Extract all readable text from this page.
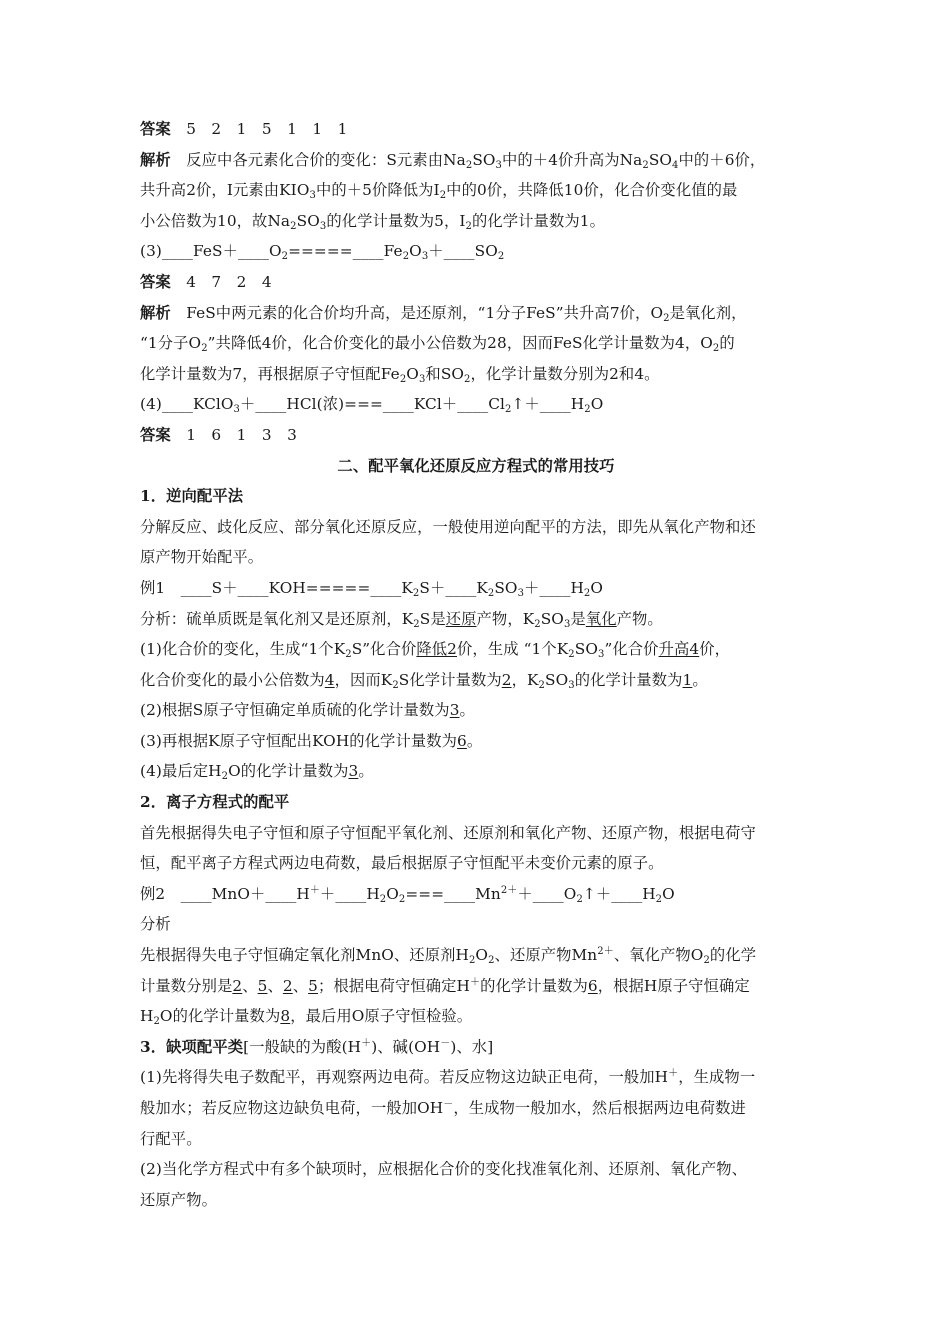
答案　5　2　1　5　1　1　1
解析　反应中各元素化合价的变化：S元素由$Na_2SO_3$中的＋4价升高为$Na_2SO_4$中的＋6价，
共升高2价，I元素由$KIO_3$中的＋5价降低为$I_2$中的0价，共降低10价，化合价变化值的最
小公倍数为10，故$Na_2SO_3$的化学计量数为5，$I_2$的化学计量数为1。
$(3)\_\_\_\_FeS+\_\_\_\_O_2=====\_\_\_\_Fe_2O_3+\_\_\_\_SO_2$
答案　4　7　2　4
解析　FeS中两元素的化合价均升高，是还原剂，“1分子FeS”共升高7价，$O_2$是氧化剂，
“1分子$O_2$”共降低4价，化合价变化的最小公倍数为28，因而FeS化学计量数为4，$O_2$的
化学计量数为7，再根据原子守恒配$Fe_2O_3$和$SO_2$，化学计量数分别为2和4。
(4)____KClO$_3$＋____HCl(浓)$===\_\_\_\_KCl+\_\_\_\_Cl_2↑+\_\_\_\_H_2O$
答案　1　6　1　3　3
二、配平氧化还原反应方程式的常用技巧
1．逆向配平法
分解反应、歧化反应、部分氧化还原反应，一般使用逆向配平的方法，即先从氧化产物和还
原产物开始配平。
例1　$\_\_\_\_S+\_\_\_\_KOH=====\_\_\_\_K_2S+\_\_\_\_K_2SO_3+\_\_\_\_H_2O$
分析：硫单质既是氧化剂又是还原剂，$K_2S$是还原产物，$K_2SO_3$是氧化产物。
(1)化合价的变化，生成“1个$K_2S$”化合价降低2价，生成 “1个$K_2SO_3$”化合价升高4价，
化合价变化的最小公倍数为4，因而$K_2S$化学计量数为2，$K_2SO_3$的化学计量数为1。
(2)根据S原子守恒确定单质硫的化学计量数为3。
(3)再根据K原子守恒配出KOH的化学计量数为6。
(4)最后定$H_2O$的化学计量数为3。
2．离子方程式的配平
首先根据得失电子守恒和原子守恒配平氧化剂、还原剂和氧化产物、还原产物，根据电荷守
恒，配平离子方程式两边电荷数，最后根据原子守恒配平未变价元素的原子。
例2　$\_\_\_\_MnO+\_\_\_\_H^++\_\_\_\_H_2O_2===\_\_\_\_Mn^{2+}+\_\_\_\_O_2↑+\_\_\_\_H_2O$
分析
先根据得失电子守恒确定氧化剂MnO、还原剂$H_2O_2$、还原产物$Mn^{2+}$、氧化产物$O_2$的化学
计量数分别是2、5、2、5；根据电荷守恒确定H＋的化学计量数为6，根据H原子守恒确定
$H_2O$的化学计量数为8，最后用O原子守恒检验。
3．缺项配平类[一般缺的为酸(H＋)、碱(OH－)、水]
(1)先将得失电子数配平，再观察两边电荷。若反应物这边缺正电荷，一般加H＋，生成物一
般加水；若反应物这边缺负电荷，一般加OH－，生成物一般加水，然后根据两边电荷数进
行配平。
(2)当化学方程式中有多个缺项时，应根据化合价的变化找准氧化剂、还原剂、氧化产物、
还原产物。
